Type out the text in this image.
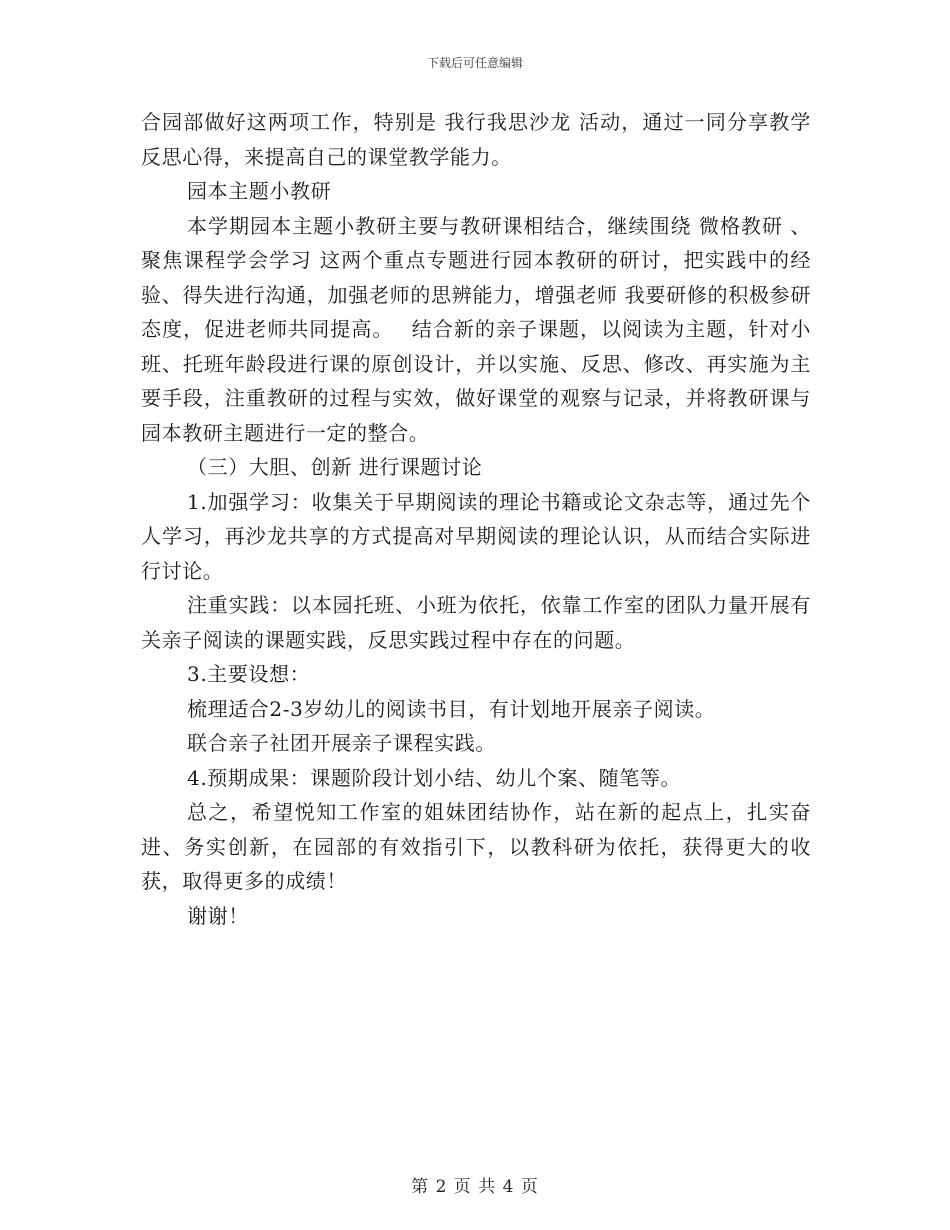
下载后可任意编辑

合园部做好这两项工作，特别是 我行我思沙龙 活动，通过一同分享教学反思心得，来提高自己的课堂教学能力。

园本主题小教研

本学期园本主题小教研主要与教研课相结合，继续围绕 微格教研 、 聚焦课程学会学习 这两个重点专题进行园本教研的研讨，把实践中的经验、得失进行沟通，加强老师的思辨能力，增强老师 我要研修的积极参研态度，促进老师共同提高。　 结合新的亲子课题，以阅读为主题，针对小班、托班年龄段进行课的原创设计，并以实施、反思、修改、再实施为主要手段，注重教研的过程与实效，做好课堂的观察与记录，并将教研课与园本教研主题进行一定的整合。

（三）大胆、创新 进行课题讨论

1.加强学习：收集关于早期阅读的理论书籍或论文杂志等，通过先个人学习，再沙龙共享的方式提高对早期阅读的理论认识，从而结合实际进行讨论。

注重实践：以本园托班、小班为依托，依靠工作室的团队力量开展有关亲子阅读的课题实践，反思实践过程中存在的问题。

3.主要设想：

梳理适合2-3岁幼儿的阅读书目，有计划地开展亲子阅读。

联合亲子社团开展亲子课程实践。

4.预期成果：课题阶段计划小结、幼儿个案、随笔等。

总之，希望悦知工作室的姐妹团结协作，站在新的起点上，扎实奋进、务实创新，在园部的有效指引下，以教科研为依托，获得更大的收获，取得更多的成绩！

谢谢！

第 2 页 共 4 页
